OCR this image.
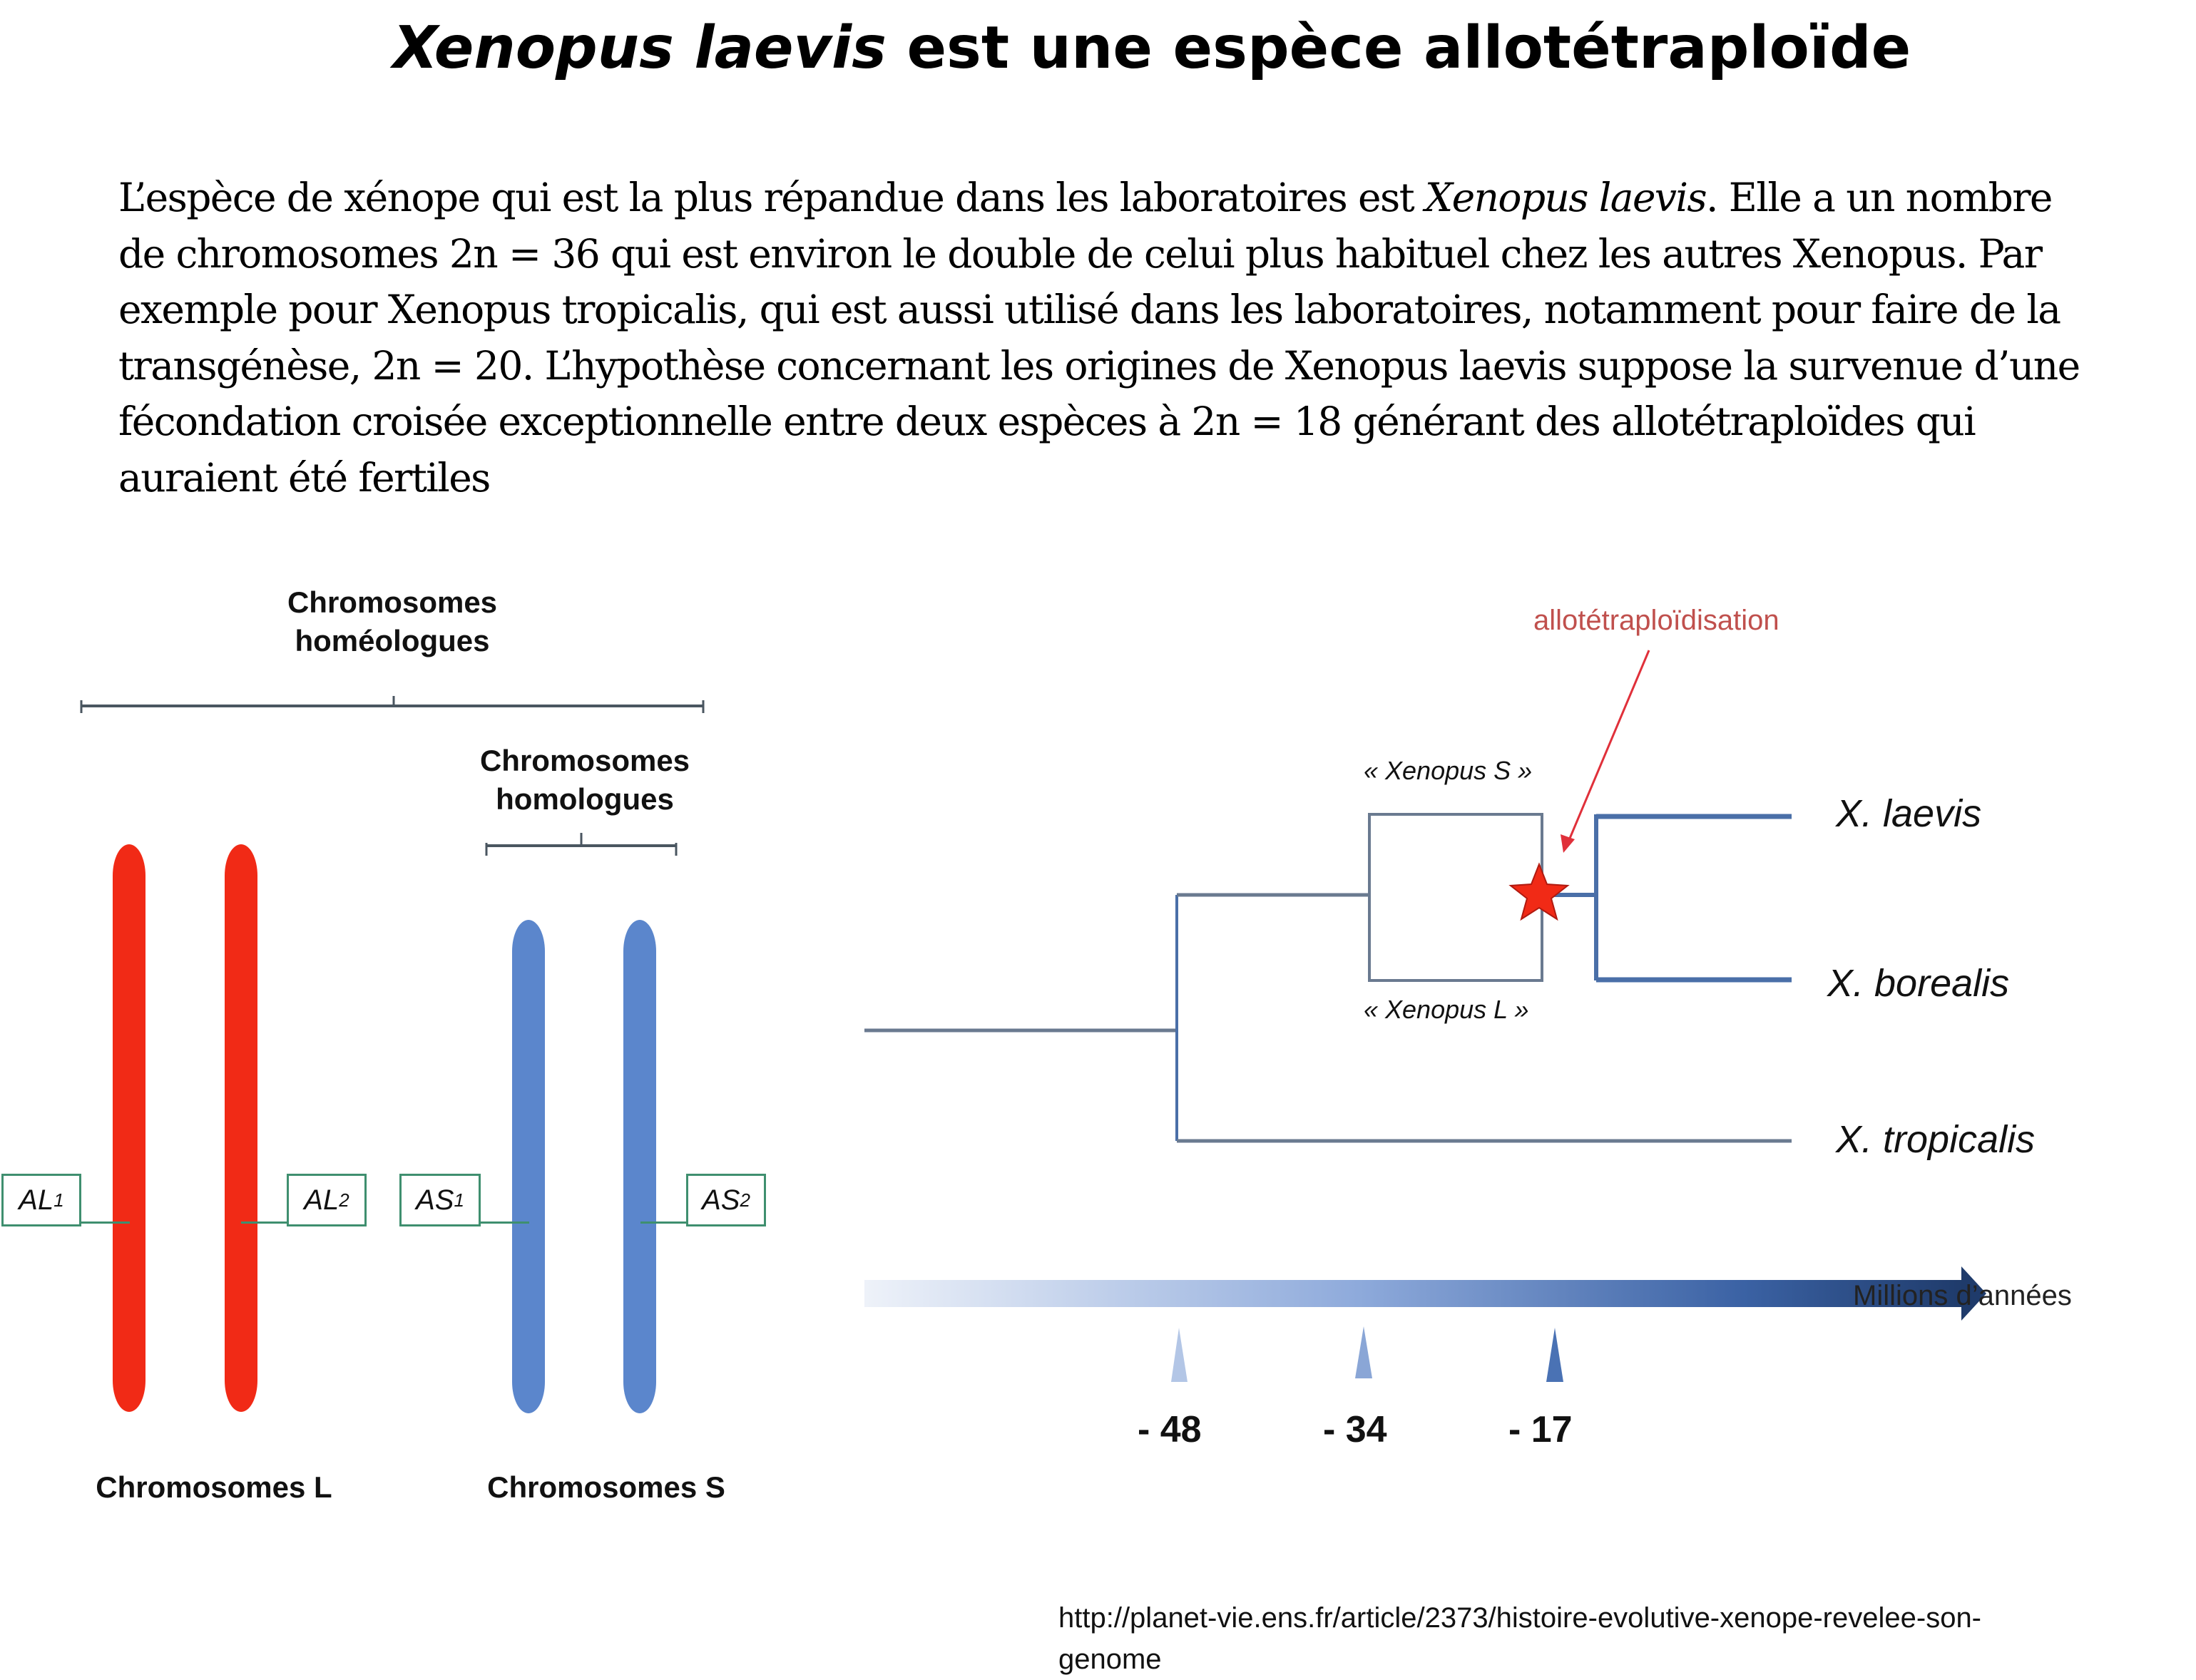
Xenopus laevis est une espèce allotétraploïde
L’espèce de xénope qui est la plus répandue dans les laboratoires est Xenopus laevis. Elle a un nombre de chromosomes 2n = 36 qui est environ le double de celui plus habituel chez les autres Xenopus. Par exemple pour Xenopus tropicalis, qui est aussi utilisé dans les laboratoires, notamment pour faire de la transgénèse, 2n = 20. L’hypothèse concernant les origines de Xenopus laevis suppose la survenue d’une fécondation croisée exceptionnelle entre deux espèces à 2n = 18 générant des allotétraploïdes qui auraient été fertiles
Chromosomes
homéologues
Chromosomes
homologues
AL 1	AL 2 AS 1	AS 2
Chromosomes L	Chromosomes S
allotétraploïdisation
« Xenopus S »
« Xenopus L »
X. laevis
X. borealis
X. tropicalis
Millions d’années
- 48	- 34	- 17
http://planet-vie.ens.fr/article/2373/histoire-evolutive-xenope-revelee-son-
genome
